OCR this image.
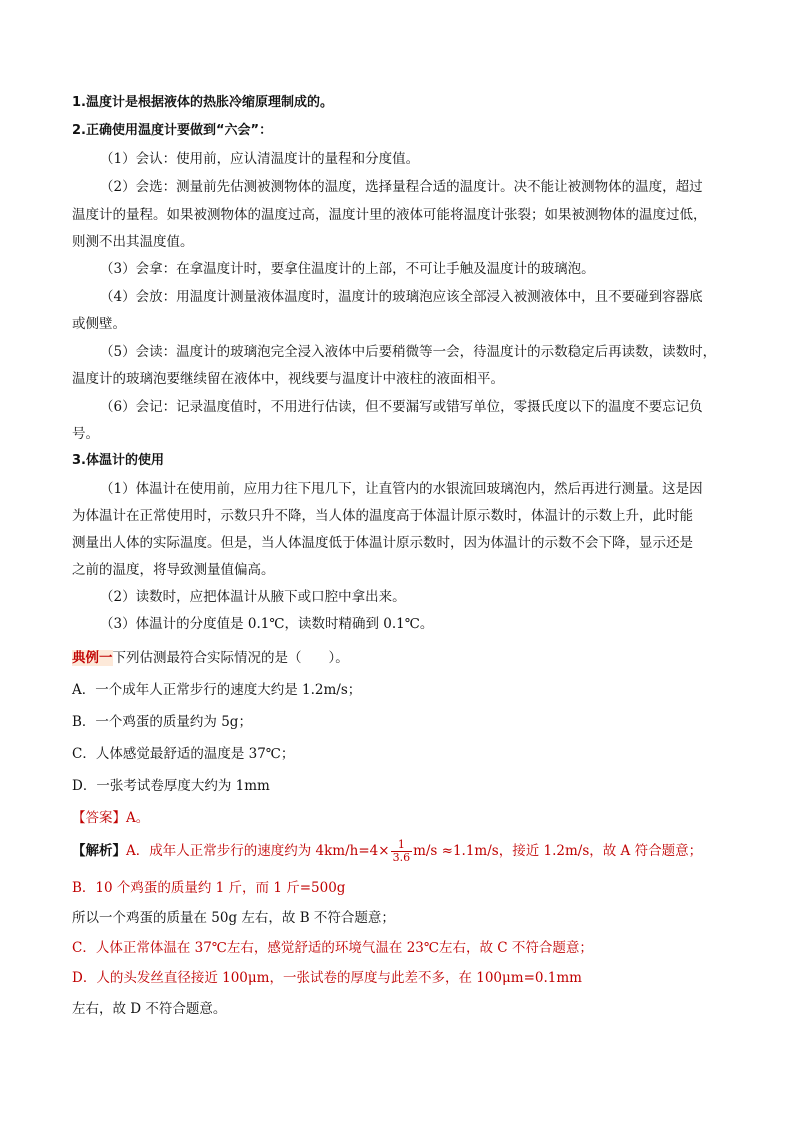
1.温度计是根据液体的热胀冷缩原理制成的。
2.正确使用温度计要做到“六会”：
（1）会认：使用前，应认清温度计的量程和分度值。
（2）会选：测量前先估测被测物体的温度，选择量程合适的温度计。决不能让被测物体的温度，超过
温度计的量程。如果被测物体的温度过高，温度计里的液体可能将温度计张裂；如果被测物体的温度过低，
则测不出其温度值。
（3）会拿：在拿温度计时，要拿住温度计的上部，不可让手触及温度计的玻璃泡。
（4）会放：用温度计测量液体温度时，温度计的玻璃泡应该全部浸入被测液体中，且不要碰到容器底
或侧壁。
（5）会读：温度计的玻璃泡完全浸入液体中后要稍微等一会，待温度计的示数稳定后再读数，读数时，
温度计的玻璃泡要继续留在液体中，视线要与温度计中液柱的液面相平。
（6）会记：记录温度值时，不用进行估读，但不要漏写或错写单位，零摄氏度以下的温度不要忘记负
号。
3.体温计的使用
（1）体温计在使用前，应用力往下甩几下，让直管内的水银流回玻璃泡内，然后再进行测量。这是因
为体温计在正常使用时，示数只升不降，当人体的温度高于体温计原示数时，体温计的示数上升，此时能
测量出人体的实际温度。但是，当人体温度低于体温计原示数时，因为体温计的示数不会下降，显示还是
之前的温度，将导致测量值偏高。
（2）读数时，应把体温计从腋下或口腔中拿出来。
（3）体温计的分度值是 0.1℃，读数时精确到 0.1℃。
典例一下列估测最符合实际情况的是（　　）。
A．一个成年人正常步行的速度大约是 1.2m/s；
B．一个鸡蛋的质量约为 5g；
C．人体感觉最舒适的温度是 37℃；
D．一张考试卷厚度大约为 1mm
【答案】A。
【解析】A．成年人正常步行的速度约为 $4km/h=4\times \frac{1}{3.6} m/s \approx 1.1m/s$，接近 1.2m/s，故 A 符合题意；
B．10 个鸡蛋的质量约 1 斤，而 1 斤=500g
所以一个鸡蛋的质量在 50g 左右，故 B 不符合题意；
C．人体正常体温在 37℃左右，感觉舒适的环境气温在 23℃左右，故 C 不符合题意；
D．人的头发丝直径接近 100μm，一张试卷的厚度与此差不多，在 100μm=0.1mm
左右，故 D 不符合题意。
